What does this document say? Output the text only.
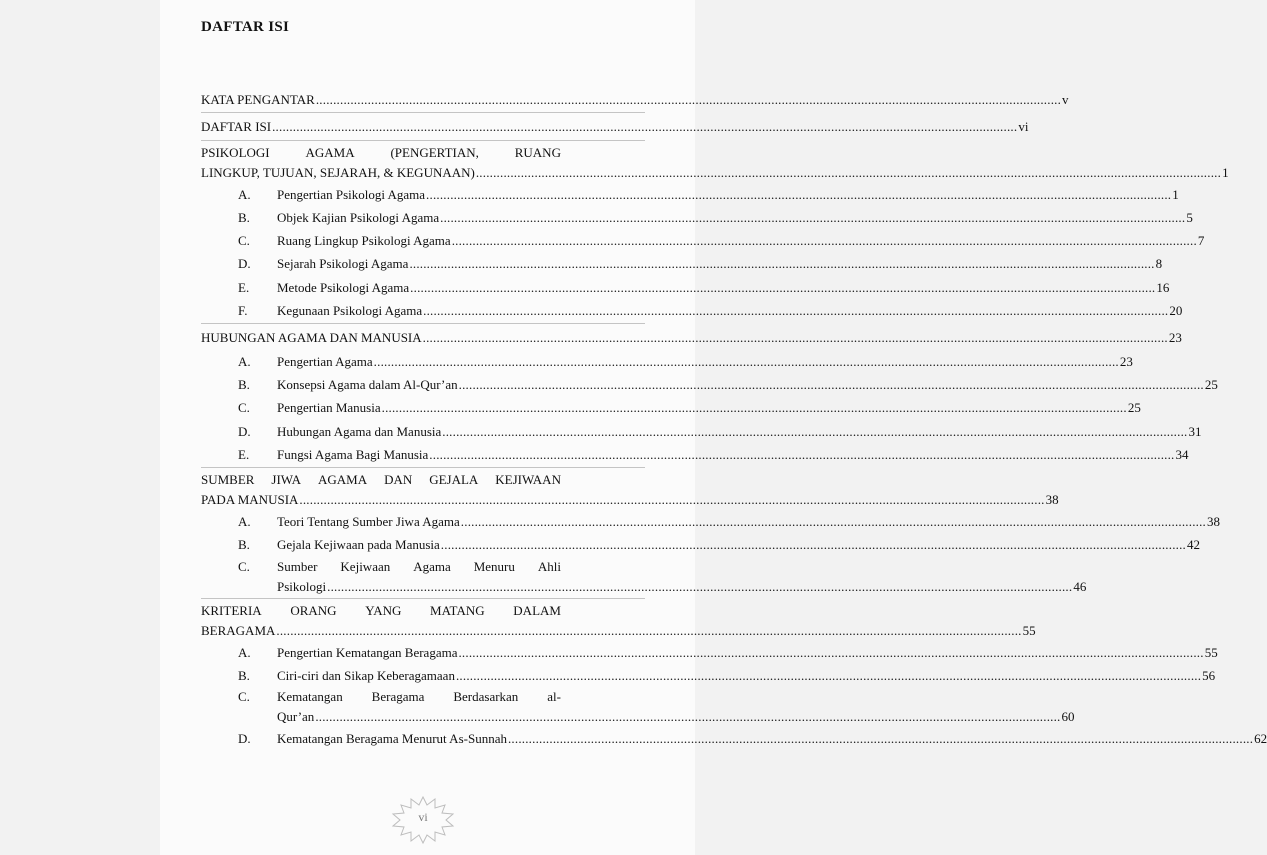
DAFTAR ISI
KATA PENGANTAR .....	v
DAFTAR ISI .....	vi
PSIKOLOGI	AGAMA	(PENGERTIAN,	RUANG
LINGKUP, TUJUAN, SEJARAH, & KEGUNAAN) .....	1
A.	Pengertian Psikologi Agama .....	1
B.	Objek Kajian Psikologi Agama .....	5
C.	Ruang Lingkup Psikologi Agama .....	7
D.	Sejarah Psikologi Agama .....	8
E.	Metode Psikologi Agama .....	16
F.	Kegunaan Psikologi Agama .....	20
HUBUNGAN AGAMA DAN MANUSIA .....	23
A.	Pengertian Agama .....	23
B.	Konsepsi Agama dalam Al-Qur’an .....	25
C.	Pengertian Manusia .....	25
D.	Hubungan Agama dan Manusia .....	31
E.	Fungsi Agama Bagi Manusia .....	34
SUMBER JIWA AGAMA DAN GEJALA KEJIWAAN
PADA MANUSIA .....	38
A.	Teori Tentang Sumber Jiwa Agama .....	38
B.	Gejala Kejiwaan pada Manusia .....	42
C.	Sumber Kejiwaan Agama Menuru Ahli
Psikologi .....	46
KRITERIA ORANG YANG MATANG DALAM
BERAGAMA .....	55
A.	Pengertian Kematangan Beragama .....	55
B.	Ciri-ciri dan Sikap Keberagamaan .....	56
C.	Kematangan Beragama Berdasarkan al-
Qur’an .....	60
D.	Kematangan Beragama Menurut As-Sunnah .....	62
vi
